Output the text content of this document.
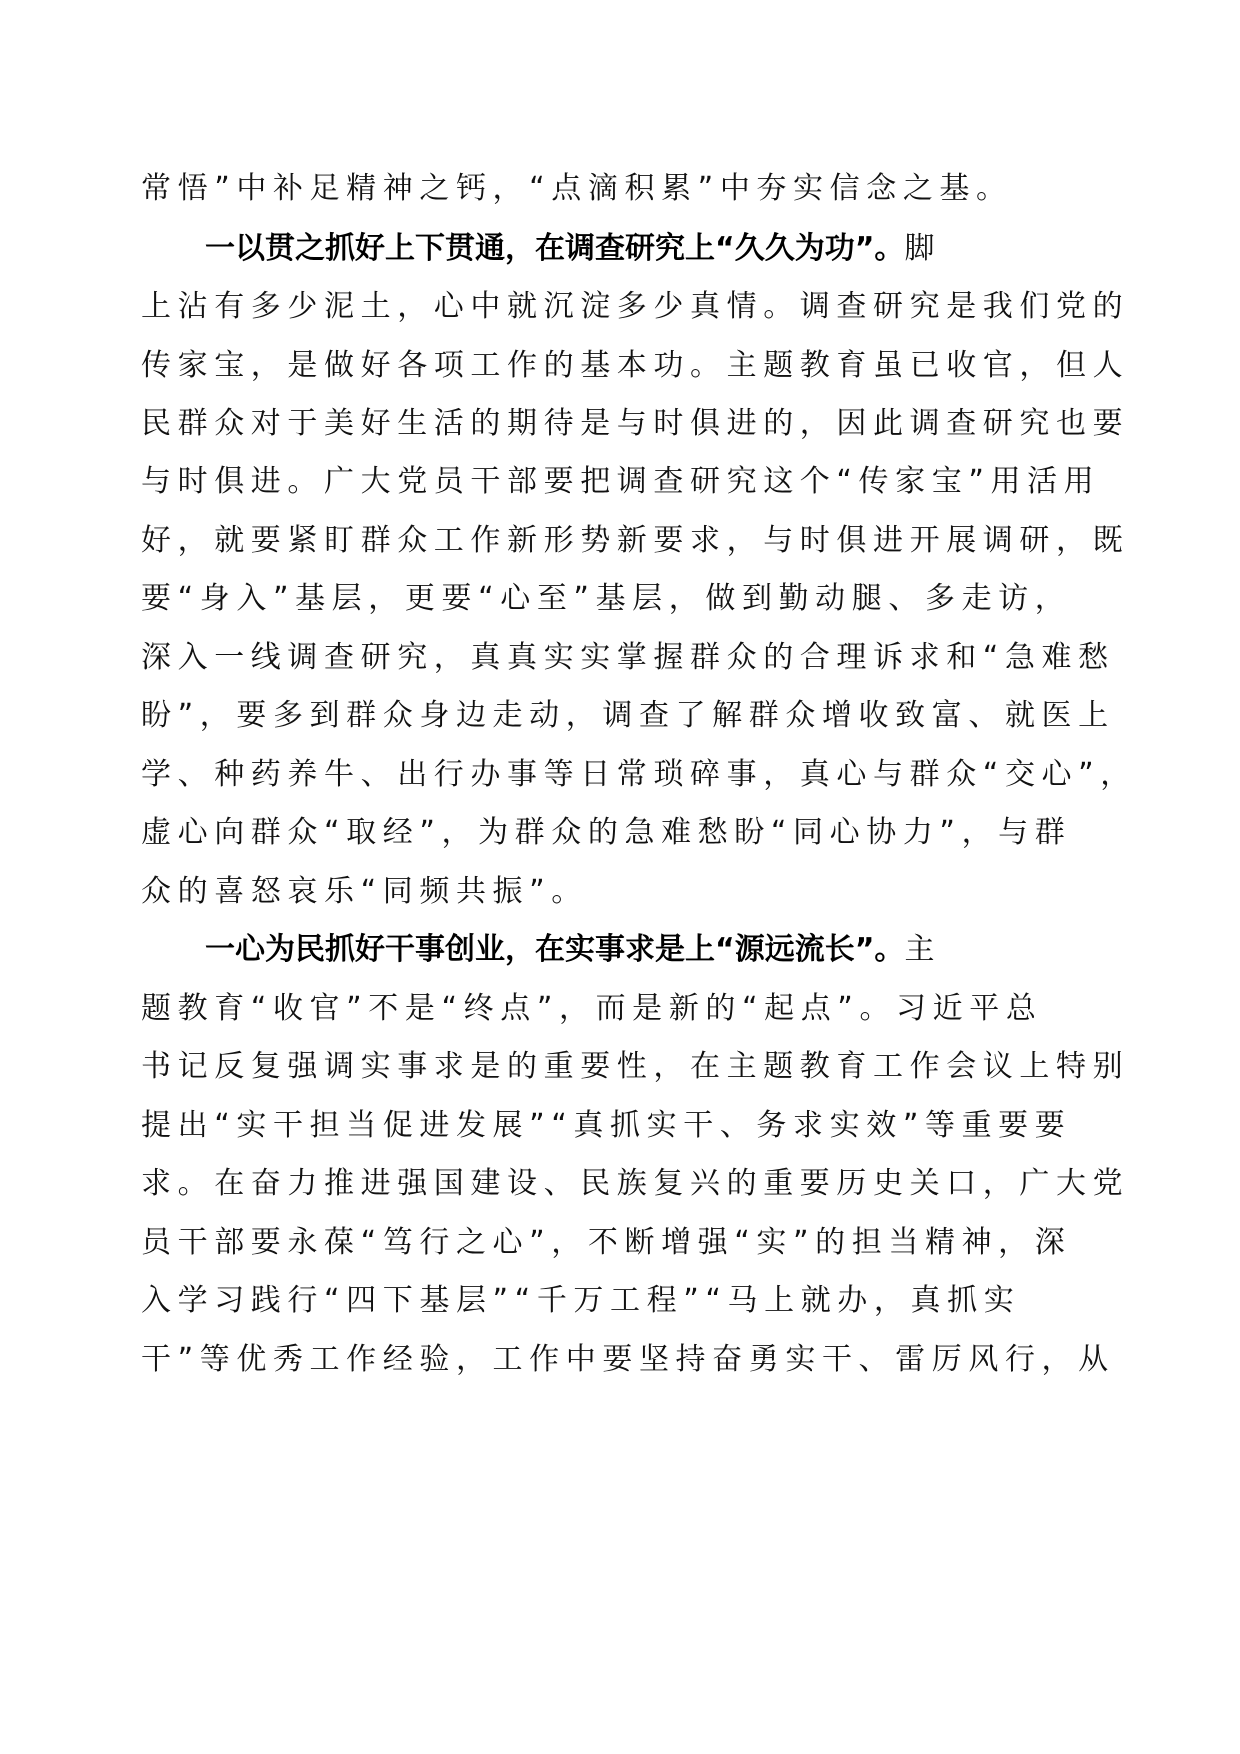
常悟”中补足精神之钙，“点滴积累”中夯实信念之基。
一以贯之抓好上下贯通，在调查研究上“久久为功”。脚
上沾有多少泥土，心中就沉淀多少真情。调查研究是我们党的
传家宝，是做好各项工作的基本功。主题教育虽已收官，但人
民群众对于美好生活的期待是与时俱进的，因此调查研究也要
与时俱进。广大党员干部要把调查研究这个“传家宝”用活用
好，就要紧盯群众工作新形势新要求，与时俱进开展调研，既
要“身入”基层，更要“心至”基层，做到勤动腿、多走访，
深入一线调查研究，真真实实掌握群众的合理诉求和“急难愁
盼”，要多到群众身边走动，调查了解群众增收致富、就医上
学、种药养牛、出行办事等日常琐碎事，真心与群众“交心”，
虚心向群众“取经”，为群众的急难愁盼“同心协力”，与群
众的喜怒哀乐“同频共振”。
一心为民抓好干事创业，在实事求是上“源远流长”。主
题教育“收官”不是“终点”，而是新的“起点”。习近平总
书记反复强调实事求是的重要性，在主题教育工作会议上特别
提出“实干担当促进发展”“真抓实干、务求实效”等重要要
求。在奋力推进强国建设、民族复兴的重要历史关口，广大党
员干部要永葆“笃行之心”，不断增强“实”的担当精神，深
入学习践行“四下基层”“千万工程”“马上就办，真抓实
干”等优秀工作经验，工作中要坚持奋勇实干、雷厉风行，从
